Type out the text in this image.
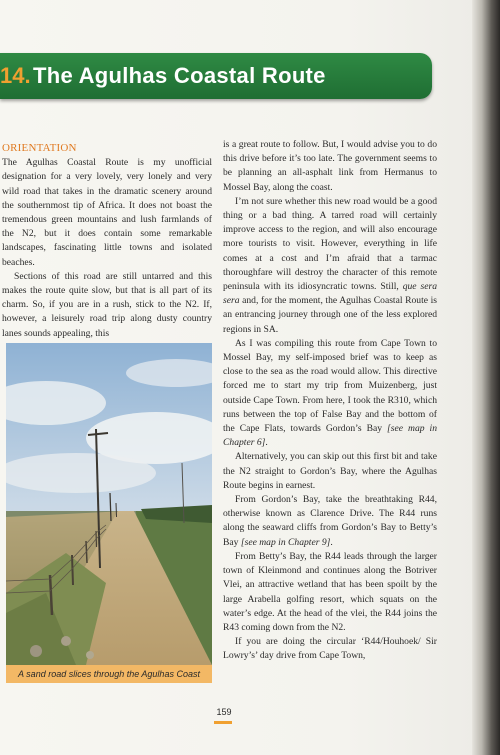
14. The Agulhas Coastal Route
ORIENTATION

The Agulhas Coastal Route is my unofficial designation for a very lovely, very lonely and very wild road that takes in the dramatic scenery around the southernmost tip of Africa. It does not boast the tremendous green mountains and lush farmlands of the N2, but it does contain some remarkable landscapes, fascinating little towns and isolated beaches.

Sections of this road are still untarred and this makes the route quite slow, but that is all part of its charm. So, if you are in a rush, stick to the N2. If, however, a leisurely road trip along dusty country lanes sounds appealing, this

A sand road slices through the Agulhas Coast

is a great route to follow. But, I would advise you to do this drive before it’s too late. The government seems to be planning an all-asphalt link from Hermanus to Mossel Bay, along the coast.

I’m not sure whether this new road would be a good thing or a bad thing. A tarred road will certainly improve access to the region, and will also encourage more tourists to visit. However, everything in life comes at a cost and I’m afraid that a tarmac thoroughfare will destroy the character of this remote peninsula with its idiosyncratic towns. Still, que sera sera and, for the moment, the Agulhas Coastal Route is an entrancing journey through one of the less explored regions in SA.

As I was compiling this route from Cape Town to Mossel Bay, my self-imposed brief was to keep as close to the sea as the road would allow. This directive forced me to start my trip from Muizenberg, just outside Cape Town. From here, I took the R310, which runs between the top of False Bay and the bottom of the Cape Flats, towards Gordon’s Bay [see map in Chapter 6].

Alternatively, you can skip out this first bit and take the N2 straight to Gordon’s Bay, where the Agulhas Route begins in earnest.

From Gordon’s Bay, take the breathtaking R44, otherwise known as Clarence Drive. The R44 runs along the seaward cliffs from Gordon’s Bay to Betty’s Bay [see map in Chapter 9].

From Betty’s Bay, the R44 leads through the larger town of Kleinmond and continues along the Botriver Vlei, an attractive wetland that has been spoilt by the large Arabella golfing resort, which squats on the water’s edge. At the head of the vlei, the R44 joins the R43 coming down from the N2.

If you are doing the circular ‘R44/Houhoek/ Sir Lowry’s’ day drive from Cape Town,

159
